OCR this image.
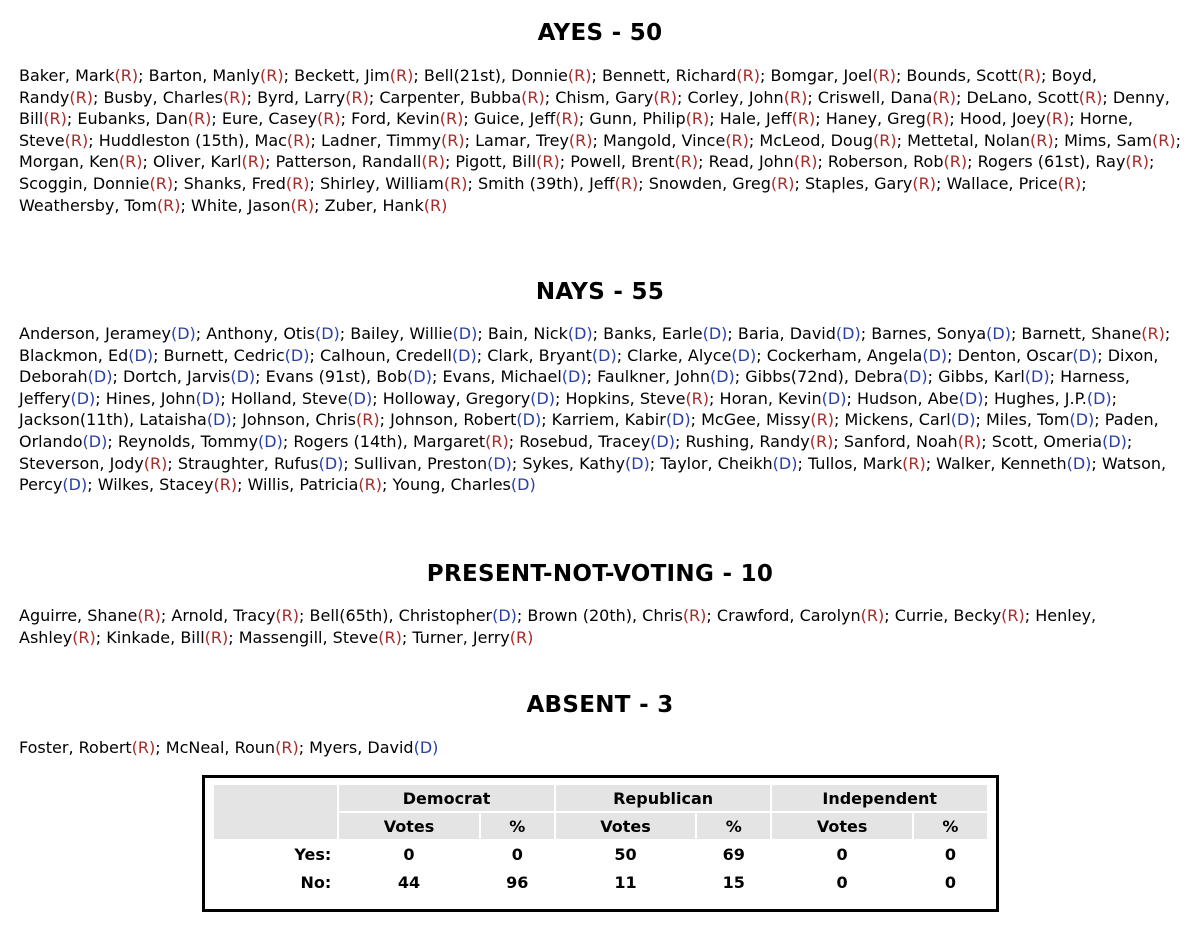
AYES - 50

Baker, Mark(R); Barton, Manly(R); Beckett, Jim(R); Bell(21st), Donnie(R); Bennett, Richard(R); Bomgar, Joel(R); Bounds, Scott(R); Boyd, Randy(R); Busby, Charles(R); Byrd, Larry(R); Carpenter, Bubba(R); Chism, Gary(R); Corley, John(R); Criswell, Dana(R); DeLano, Scott(R); Denny, Bill(R); Eubanks, Dan(R); Eure, Casey(R); Ford, Kevin(R); Guice, Jeff(R); Gunn, Philip(R); Hale, Jeff(R); Haney, Greg(R); Hood, Joey(R); Horne, Steve(R); Huddleston (15th), Mac(R); Ladner, Timmy(R); Lamar, Trey(R); Mangold, Vince(R); McLeod, Doug(R); Mettetal, Nolan(R); Mims, Sam(R); Morgan, Ken(R); Oliver, Karl(R); Patterson, Randall(R); Pigott, Bill(R); Powell, Brent(R); Read, John(R); Roberson, Rob(R); Rogers (61st), Ray(R); Scoggin, Donnie(R); Shanks, Fred(R); Shirley, William(R); Smith (39th), Jeff(R); Snowden, Greg(R); Staples, Gary(R); Wallace, Price(R); Weathersby, Tom(R); White, Jason(R); Zuber, Hank(R)

NAYS - 55

Anderson, Jeramey(D); Anthony, Otis(D); Bailey, Willie(D); Bain, Nick(D); Banks, Earle(D); Baria, David(D); Barnes, Sonya(D); Barnett, Shane(R); Blackmon, Ed(D); Burnett, Cedric(D); Calhoun, Credell(D); Clark, Bryant(D); Clarke, Alyce(D); Cockerham, Angela(D); Denton, Oscar(D); Dixon, Deborah(D); Dortch, Jarvis(D); Evans (91st), Bob(D); Evans, Michael(D); Faulkner, John(D); Gibbs(72nd), Debra(D); Gibbs, Karl(D); Harness, Jeffery(D); Hines, John(D); Holland, Steve(D); Holloway, Gregory(D); Hopkins, Steve(R); Horan, Kevin(D); Hudson, Abe(D); Hughes, J.P.(D); Jackson(11th), Lataisha(D); Johnson, Chris(R); Johnson, Robert(D); Karriem, Kabir(D); McGee, Missy(R); Mickens, Carl(D); Miles, Tom(D); Paden, Orlando(D); Reynolds, Tommy(D); Rogers (14th), Margaret(R); Rosebud, Tracey(D); Rushing, Randy(R); Sanford, Noah(R); Scott, Omeria(D); Steverson, Jody(R); Straughter, Rufus(D); Sullivan, Preston(D); Sykes, Kathy(D); Taylor, Cheikh(D); Tullos, Mark(R); Walker, Kenneth(D); Watson, Percy(D); Wilkes, Stacey(R); Willis, Patricia(R); Young, Charles(D)

PRESENT-NOT-VOTING - 10

Aguirre, Shane(R); Arnold, Tracy(R); Bell(65th), Christopher(D); Brown (20th), Chris(R); Crawford, Carolyn(R); Currie, Becky(R); Henley, Ashley(R); Kinkade, Bill(R); Massengill, Steve(R); Turner, Jerry(R)

ABSENT - 3

Foster, Robert(R); McNeal, Roun(R); Myers, David(D)

	Democrat		Republican		Independent	
	Votes	%	Votes	%	Votes	%
Yes:	0	0	50	69	0	0
No:	44	96	11	15	0	0
